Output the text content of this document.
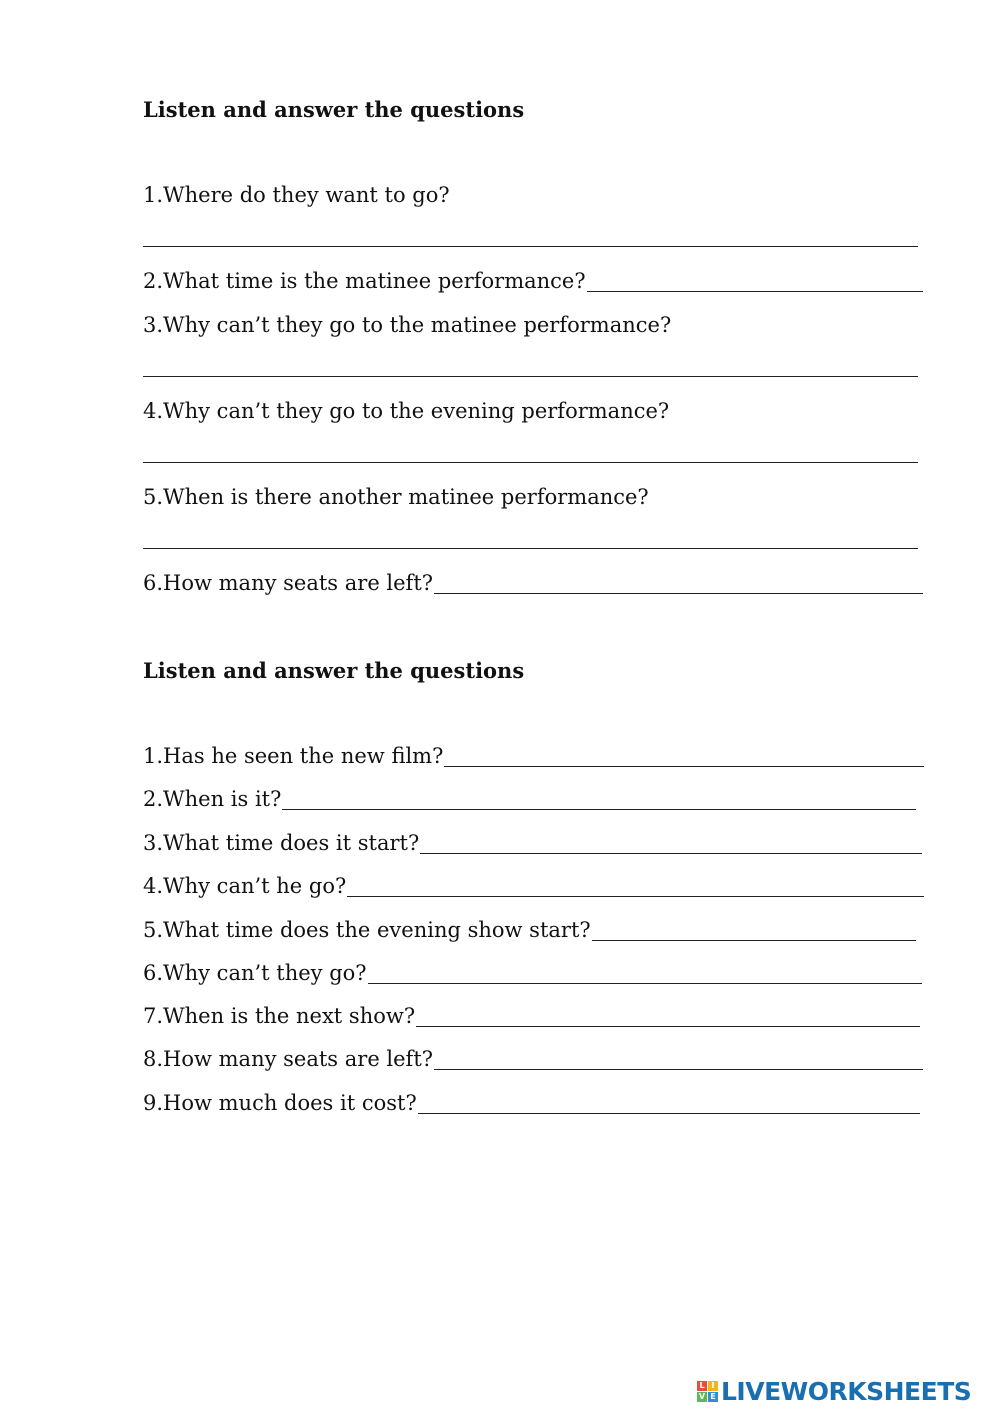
Listen and answer the questions
1.Where do they want to go?
2.What time is the matinee performance?
3.Why can’t they go to the matinee performance?
4.Why can’t they go to the evening performance?
5.When is there another matinee performance?
6.How many seats are left?
Listen and answer the questions
1.Has he seen the new film?
2.When is it?
3.What time does it start?
4.Why can’t he go?
5.What time does the evening show start?
6.Why can’t they go?
7.When is the next show?
8.How many seats are left?
9.How much does it cost?
L I
V E LIVEWORKSHEETS
